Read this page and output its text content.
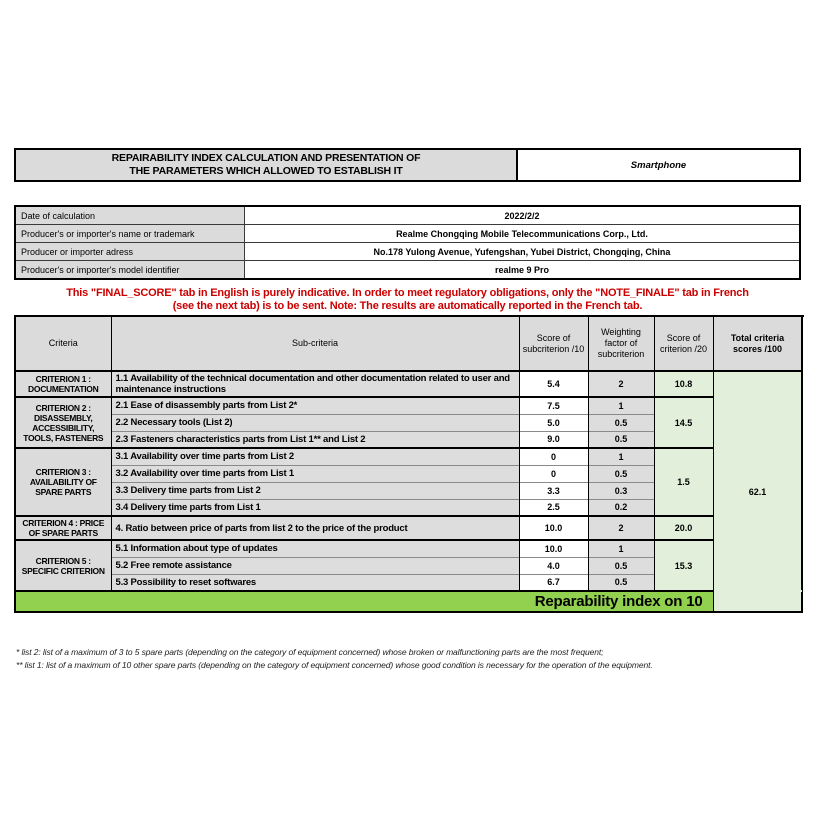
REPAIRABILITY INDEX CALCULATION AND PRESENTATION OF
THE PARAMETERS WHICH ALLOWED TO ESTABLISH IT	Smartphone
Date of calculation	2022/2/2
Producer's or importer's name or trademark	Realme Chongqing Mobile Telecommunications Corp., Ltd.
Producer or importer adress	No.178 Yulong Avenue, Yufengshan, Yubei District, Chongqing, China
Producer's or importer's model identifier	realme 9 Pro
This "FINAL_SCORE" tab in English is purely indicative. In order to meet regulatory obligations, only the "NOTE_FINALE" tab in French
(see the next tab) is to be sent. Note: The results are automatically reported in the French tab.
Criteria	Sub-criteria	Score of subcriterion /10	Weighting factor of subcriterion	Score of criterion /20	Total criteria scores /100	
CRITERION 1 : DOCUMENTATION	1.1 Availability of the technical documentation and other documentation related to user and maintenance instructions	5.4	2	10.8	62.1	
CRITERION 2 : DISASSEMBLY, ACCESSIBILITY, TOOLS, FASTENERS	2.1 Ease of disassembly parts from List 2*	7.5	1	14.5		
	2.2 Necessary tools (List 2)	5.0	0.5			
	2.3 Fasteners characteristics parts from List 1** and List 2	9.0	0.5			
CRITERION 3 : AVAILABILITY OF SPARE PARTS	3.1 Availability over time parts from List 2	0	1	1.5		
	3.2 Availability over time parts from List 1	0	0.5			
	3.3 Delivery time parts from List 2	3.3	0.3			
	3.4 Delivery time parts from List 1	2.5	0.2			
CRITERION 4 : PRICE OF SPARE PARTS	4. Ratio between price of parts from list 2 to the price of the product	10.0	2	20.0		
CRITERION 5 : SPECIFIC CRITERION	5.1 Information about type of updates	10.0	1	15.3		
	5.2 Free remote assistance	4.0	0.5			
	5.3 Possibility to reset softwares	6.7	0.5			
Reparability index on 10	
* list 2: list of a maximum of 3 to 5 spare parts (depending on the category of equipment concerned) whose broken or malfunctioning parts are the most frequent;
** list 1: list of a maximum of 10 other spare parts (depending on the category of equipment concerned) whose good condition is necessary for the operation of the equipment.
